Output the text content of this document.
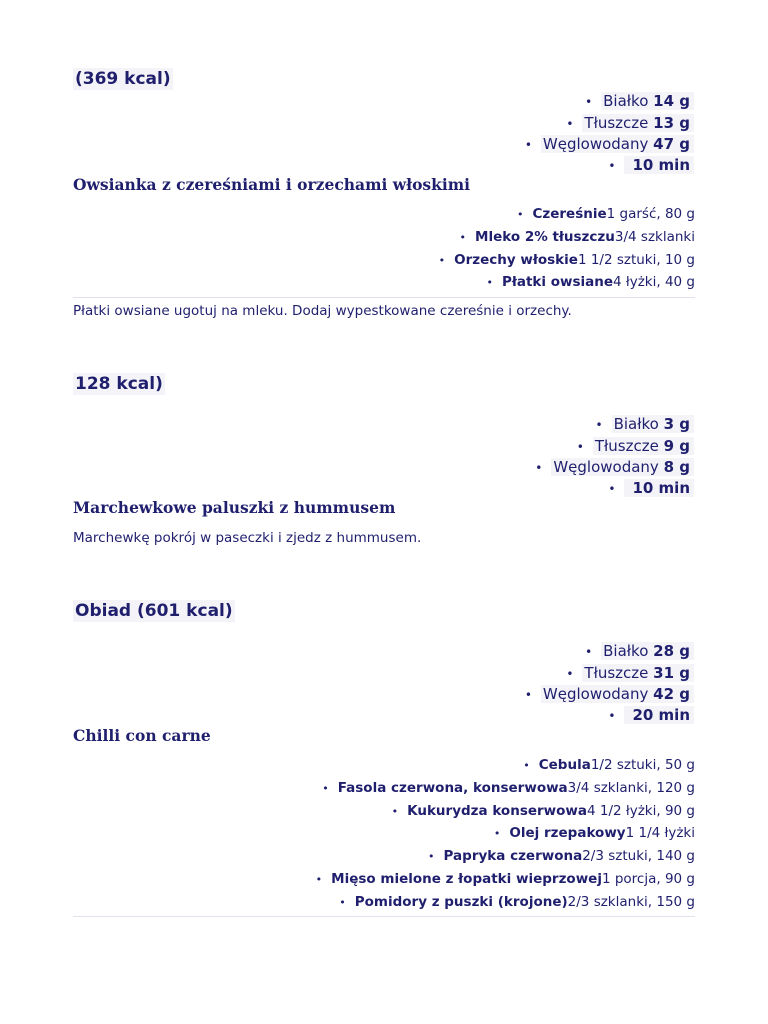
(369 kcal)
• Białko 14 g
• Tłuszcze 13 g
• Węglowodany 47 g
• 10 min
Owsianka z czereśniami i orzechami włoskimi
• Czereśnie1 garść, 80 g
• Mleko 2% tłuszczu3/4 szklanki
• Orzechy włoskie1 1/2 sztuki, 10 g
• Płatki owsiane4 łyżki, 40 g
Płatki owsiane ugotuj na mleku. Dodaj wypestkowane czereśnie i orzechy.
128 kcal)
• Białko 3 g
• Tłuszcze 9 g
• Węglowodany 8 g
• 10 min
Marchewkowe paluszki z hummusem
Marchewkę pokrój w paseczki i zjedz z hummusem.
Obiad (601 kcal)
• Białko 28 g
• Tłuszcze 31 g
• Węglowodany 42 g
• 20 min
Chilli con carne
• Cebula1/2 sztuki, 50 g
• Fasola czerwona, konserwowa3/4 szklanki, 120 g
• Kukurydza konserwowa4 1/2 łyżki, 90 g
• Olej rzepakowy1 1/4 łyżki
• Papryka czerwona2/3 sztuki, 140 g
• Mięso mielone z łopatki wieprzowej1 porcja, 90 g
• Pomidory z puszki (krojone)2/3 szklanki, 150 g
